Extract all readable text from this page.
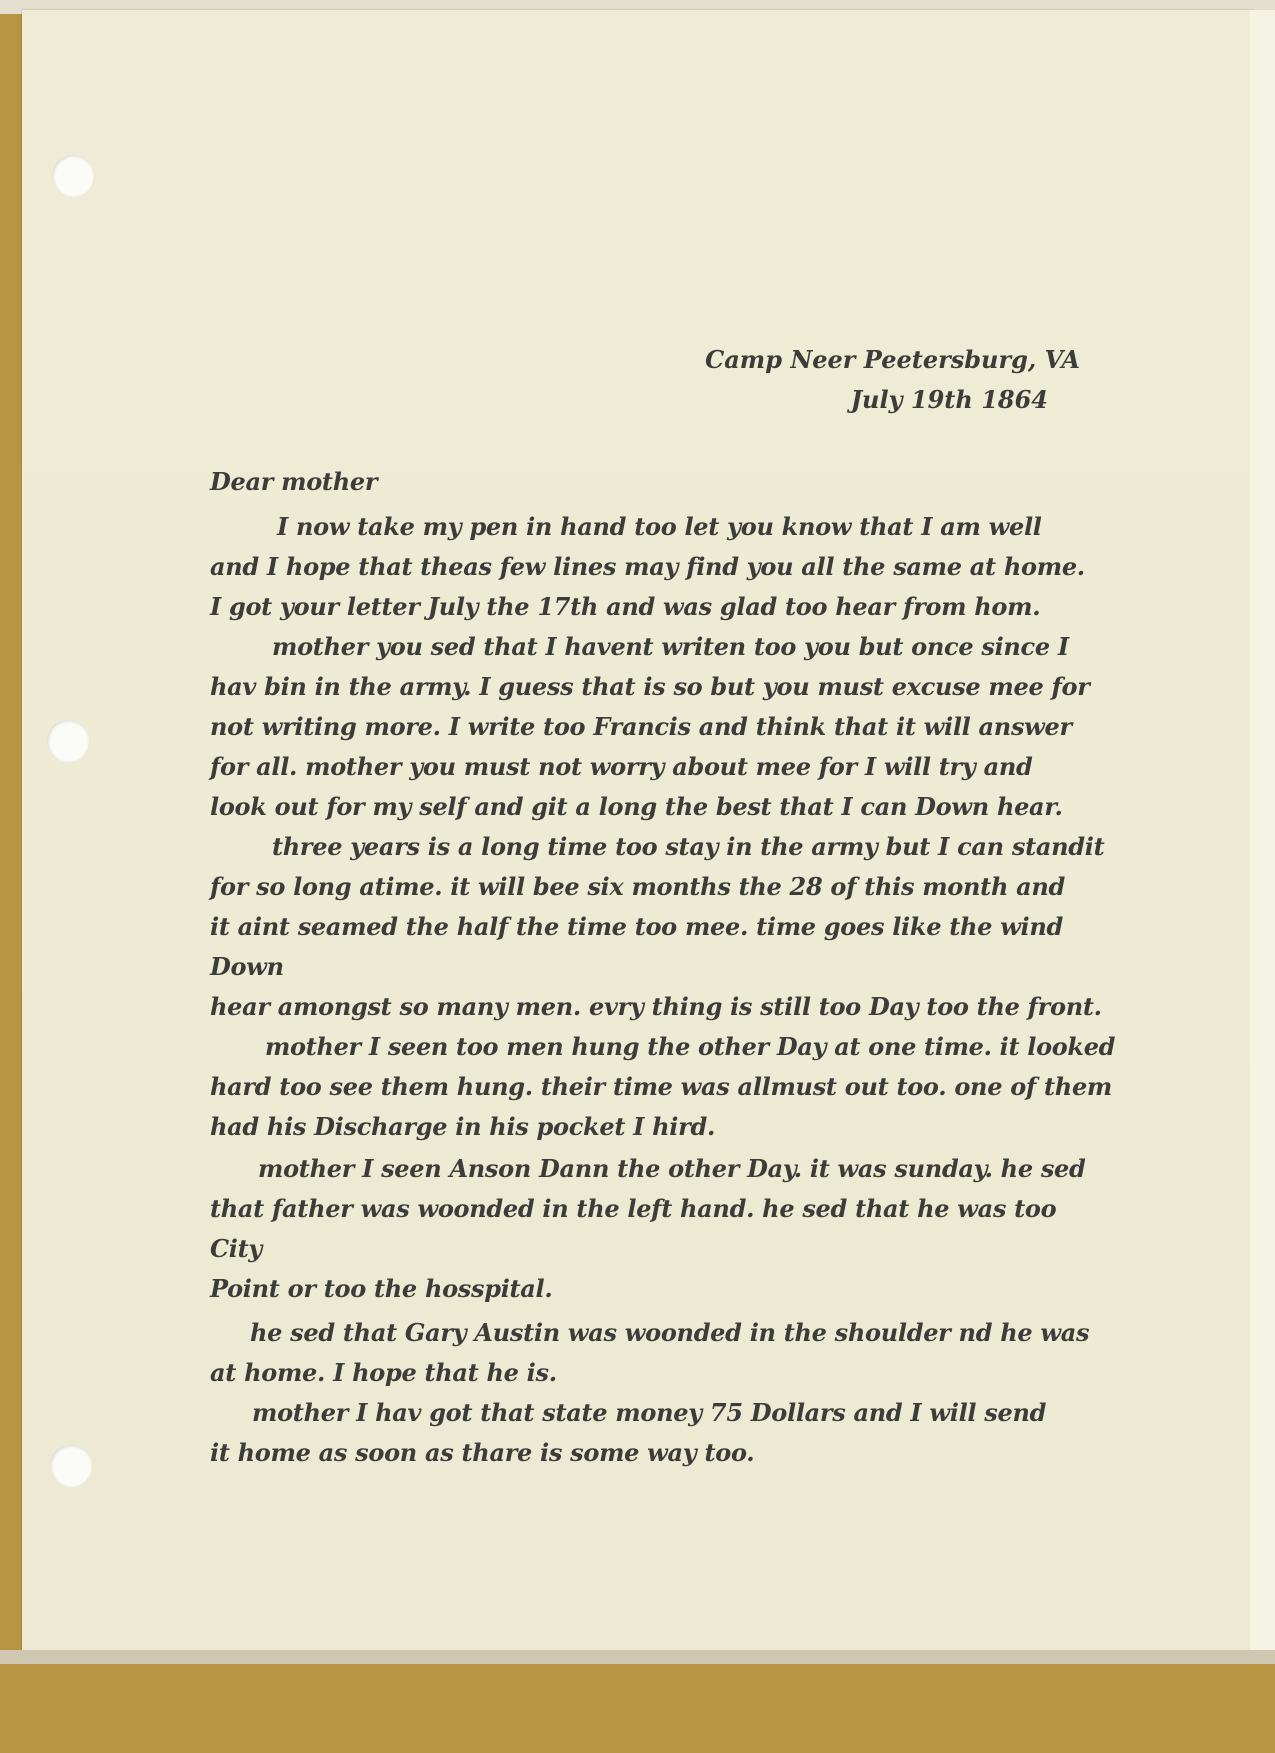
Camp Neer Peetersburg, VA
July 19th 1864
Dear mother
I now take my pen in hand too let you know that I am well
and I hope that theas few lines may find you all the same at home.
I got your letter July the 17th and was glad too hear from hom.
mother you sed that I havent writen too you but once since I
hav bin in the army. I guess that is so but you must excuse mee for
not writing more. I write too Francis and think that it will answer
for all. mother you must not worry about mee for I will try and
look out for my self and git a long the best that I can Down hear.
three years is a long time too stay in the army but I can standit
for so long atime. it will bee six months the 28 of this month and
it aint seamed the half the time too mee. time goes like the wind
Down
hear amongst so many men. evry thing is still too Day too the front.
mother I seen too men hung the other Day at one time. it looked
hard too see them hung. their time was allmust out too. one of them
had his Discharge in his pocket I hird.
mother I seen Anson Dann the other Day. it was sunday. he sed
that father was woonded in the left hand. he sed that he was too
City
Point or too the hosspital.
he sed that Gary Austin was woonded in the shoulder nd he was
at home. I hope that he is.
mother I hav got that state money 75 Dollars and I will send
it home as soon as thare is some way too.
